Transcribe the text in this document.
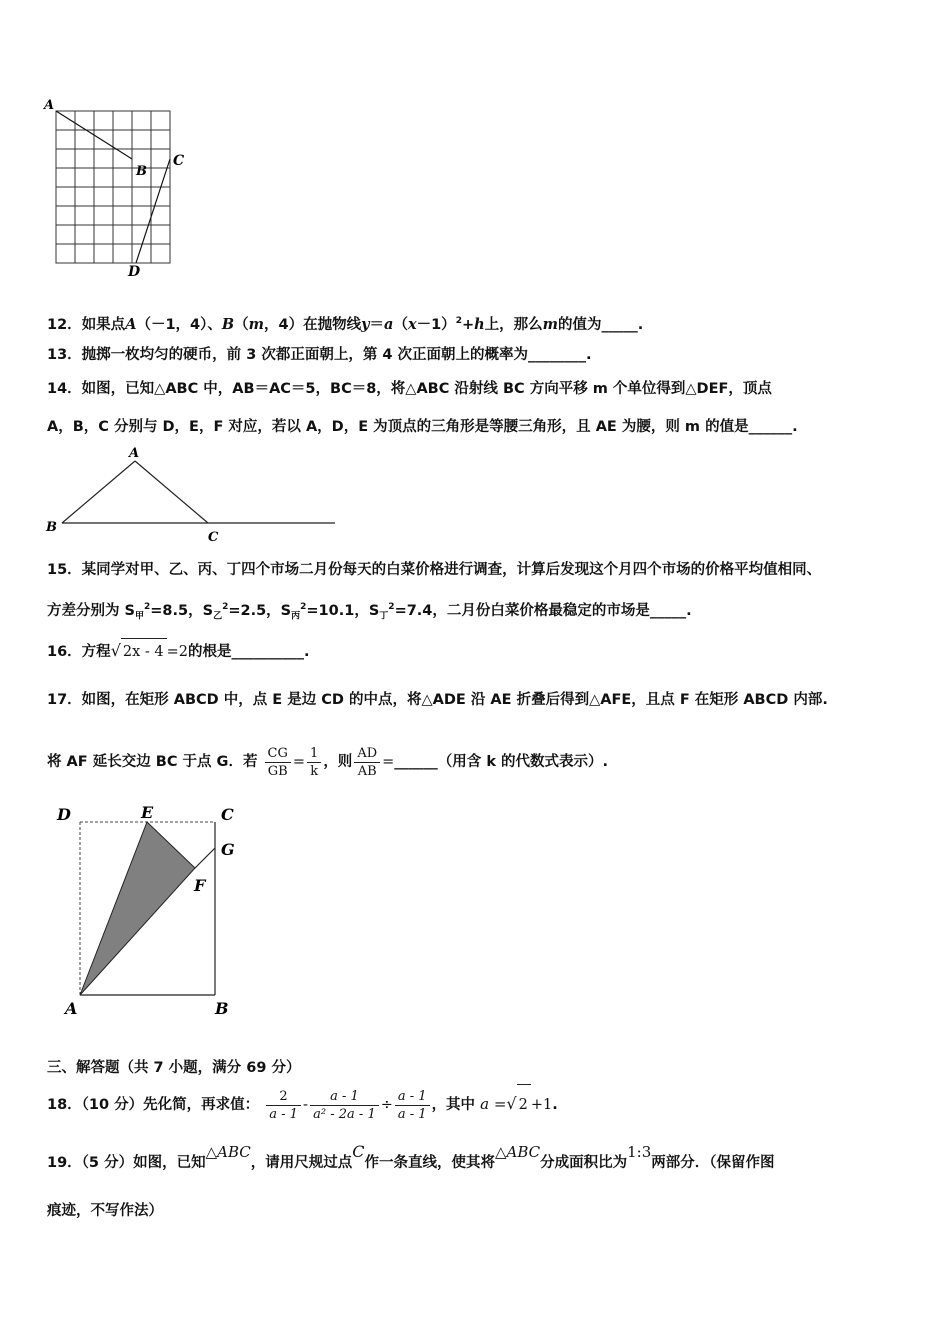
A
B
C
D
12．如果点A（－1，4）、B（m，4）在抛物线$y=a(x-1)^2+h$上，那么m的值为_____.
13．抛掷一枚均匀的硬币，前 3 次都正面朝上，第 4 次正面朝上的概率为________.
14．如图，已知△ABC 中，AB＝AC＝5，BC＝8，将△ABC 沿射线 BC 方向平移 m 个单位得到△DEF，顶点
A，B，C 分别与 D，E，F 对应，若以 A，D，E 为顶点的三角形是等腰三角形，且 AE 为腰，则 m 的值是______.
A
B
C
15．某同学对甲、乙、丙、丁四个市场二月份每天的白菜价格进行调查，计算后发现这个月四个市场的价格平均值相同、
方差分别为 $S_甲^2=8.5$，$S_乙^2=2.5$，$S_丙^2=10.1$，$S_丁^2=7.4$，二月份白菜价格最稳定的市场是_____.
16．方程√ 2x - 4 =2的根是__________.
17．如图，在矩形 ABCD 中，点 E 是边 CD 的中点，将△ADE 沿 AE 折叠后得到△AFE，且点 F 在矩形 ABCD 内部.
将 AF 延长交边 BC 于点 G．若 $\frac{CG}{GB} = \frac{1}{k}$ ，则 $\frac{AD}{AB}$ =______（用含 k 的代数式表示）.
D	E	C
G
F
A	B
三、解答题（共 7 小题，满分 69 分）
18．（10 分）先化简，再求值： $\frac{2}{a - 1} - \frac{a - 1}{\text{a² - 2a - 1}} \div \frac{a - 1}{a - 1}$ ，其中 a =√ 2 +1.
19．（5 分）如图，已知△ABC，请用尺规过点C作一条直线，使其将△ABC分成面积比为1:3两部分．（保留作图
痕迹，不写作法）
